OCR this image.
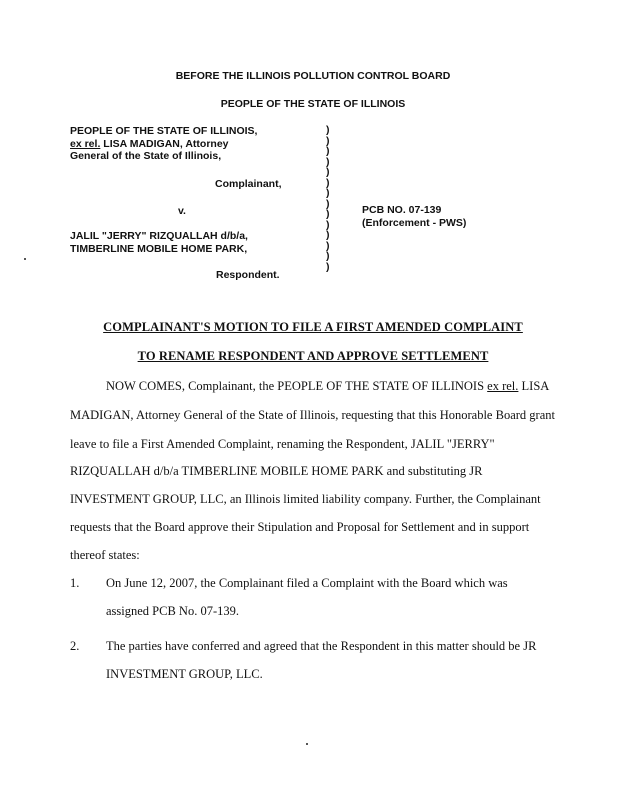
BEFORE THE ILLINOIS POLLUTION CONTROL BOARD
PEOPLE OF THE STATE OF ILLINOIS
PEOPLE OF THE STATE OF ILLINOIS,
ex rel. LISA MADIGAN, Attorney
General of the State of Illinois,
Complainant,
v.
JALIL "JERRY" RIZQUALLAH d/b/a,
TIMBERLINE MOBILE HOME PARK,
Respondent.
)
)
)
)
)
)
)
)
)
)
)
)
)
)
PCB NO. 07-139
(Enforcement - PWS)
COMPLAINANT'S MOTION TO FILE A FIRST AMENDED COMPLAINT
TO RENAME RESPONDENT AND APPROVE SETTLEMENT
NOW COMES, Complainant, the PEOPLE OF THE STATE OF ILLINOIS ex rel. LISA
MADIGAN, Attorney General of the State of Illinois, requesting that this Honorable Board grant
leave to file a First Amended Complaint, renaming the Respondent, JALIL "JERRY"
RIZQUALLAH d/b/a TIMBERLINE MOBILE HOME PARK and substituting JR
INVESTMENT GROUP, LLC, an Illinois limited liability company. Further, the Complainant
requests that the Board approve their Stipulation and Proposal for Settlement and in support
thereof states:
1. On June 12, 2007, the Complainant filed a Complaint with the Board which was
assigned PCB No. 07-139.
2. The parties have conferred and agreed that the Respondent in this matter should be JR
INVESTMENT GROUP, LLC.
